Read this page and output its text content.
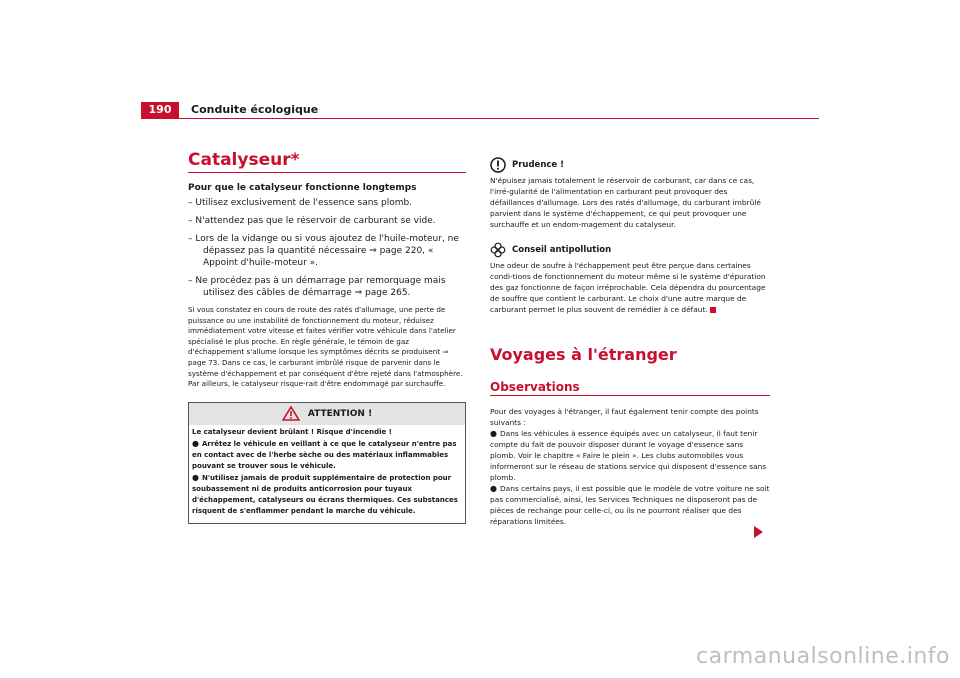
190	Conduite écologique
Catalyseur*
Pour que le catalyseur fonctionne longtemps
– Utilisez exclusivement de l'essence sans plomb.
– N'attendez pas que le réservoir de carburant se vide.
– Lors de la vidange ou si vous ajoutez de l'huile-moteur, ne dépassez pas la quantité nécessaire ⇒ page 220, « Appoint d'huile-moteur ».
– Ne procédez pas à un démarrage par remorquage mais utilisez des câbles de démarrage ⇒ page 265.

Si vous constatez en cours de route des ratés d'allumage, une perte de puissance ou une instabilité de fonctionnement du moteur, réduisez immédiatement votre vitesse et faites vérifier votre véhicule dans l'atelier spécialisé le plus proche. En règle générale, le témoin de gaz d'échappement s'allume lorsque les symptômes décrits se produisent ⇒ page 73. Dans ce cas, le carburant imbrûlé risque de parvenir dans le système d'échappement et par conséquent d'être rejeté dans l'atmosphère. Par ailleurs, le catalyseur risque-rait d'être endommagé par surchauffe.

ATTENTION !
Le catalyseur devient brûlant ! Risque d'incendie !
● Arrêtez le véhicule en veillant à ce que le catalyseur n'entre pas en contact avec de l'herbe sèche ou des matériaux inflammables pouvant se trouver sous le véhicule.
● N'utilisez jamais de produit supplémentaire de protection pour soubassement ni de produits anticorrosion pour tuyaux d'échappement, catalyseurs ou écrans thermiques. Ces substances risquent de s'enflammer pendant la marche du véhicule.
Prudence !

N'épuisez jamais totalement le réservoir de carburant, car dans ce cas, l'irré-gularité de l'alimentation en carburant peut provoquer des défaillances d'allumage. Lors des ratés d'allumage, du carburant imbrûlé parvient dans le système d'échappement, ce qui peut provoquer une surchauffe et un endom-magement du catalyseur.

Conseil antipollution

Une odeur de soufre à l'échappement peut être perçue dans certaines condi-tions de fonctionnement du moteur même si le système d'épuration des gaz fonctionne de façon irréprochable. Cela dépendra du pourcentage de souffre que contient le carburant. Le choix d'une autre marque de carburant permet le plus souvent de remédier à ce défaut.

Voyages à l'étranger
Observations

Pour des voyages à l'étranger, il faut également tenir compte des points suivants :

● Dans les véhicules à essence équipés avec un catalyseur, il faut tenir compte du fait de pouvoir disposer durant le voyage d'essence sans plomb. Voir le chapitre « Faire le plein ». Les clubs automobiles vous informeront sur le réseau de stations service qui disposent d'essence sans plomb.

● Dans certains pays, il est possible que le modèle de votre voiture ne soit pas commercialisé, ainsi, les Services Techniques ne disposeront pas de pièces de rechange pour celle-ci, ou ils ne pourront réaliser que des réparations limitées.

carmanualsonline.info
